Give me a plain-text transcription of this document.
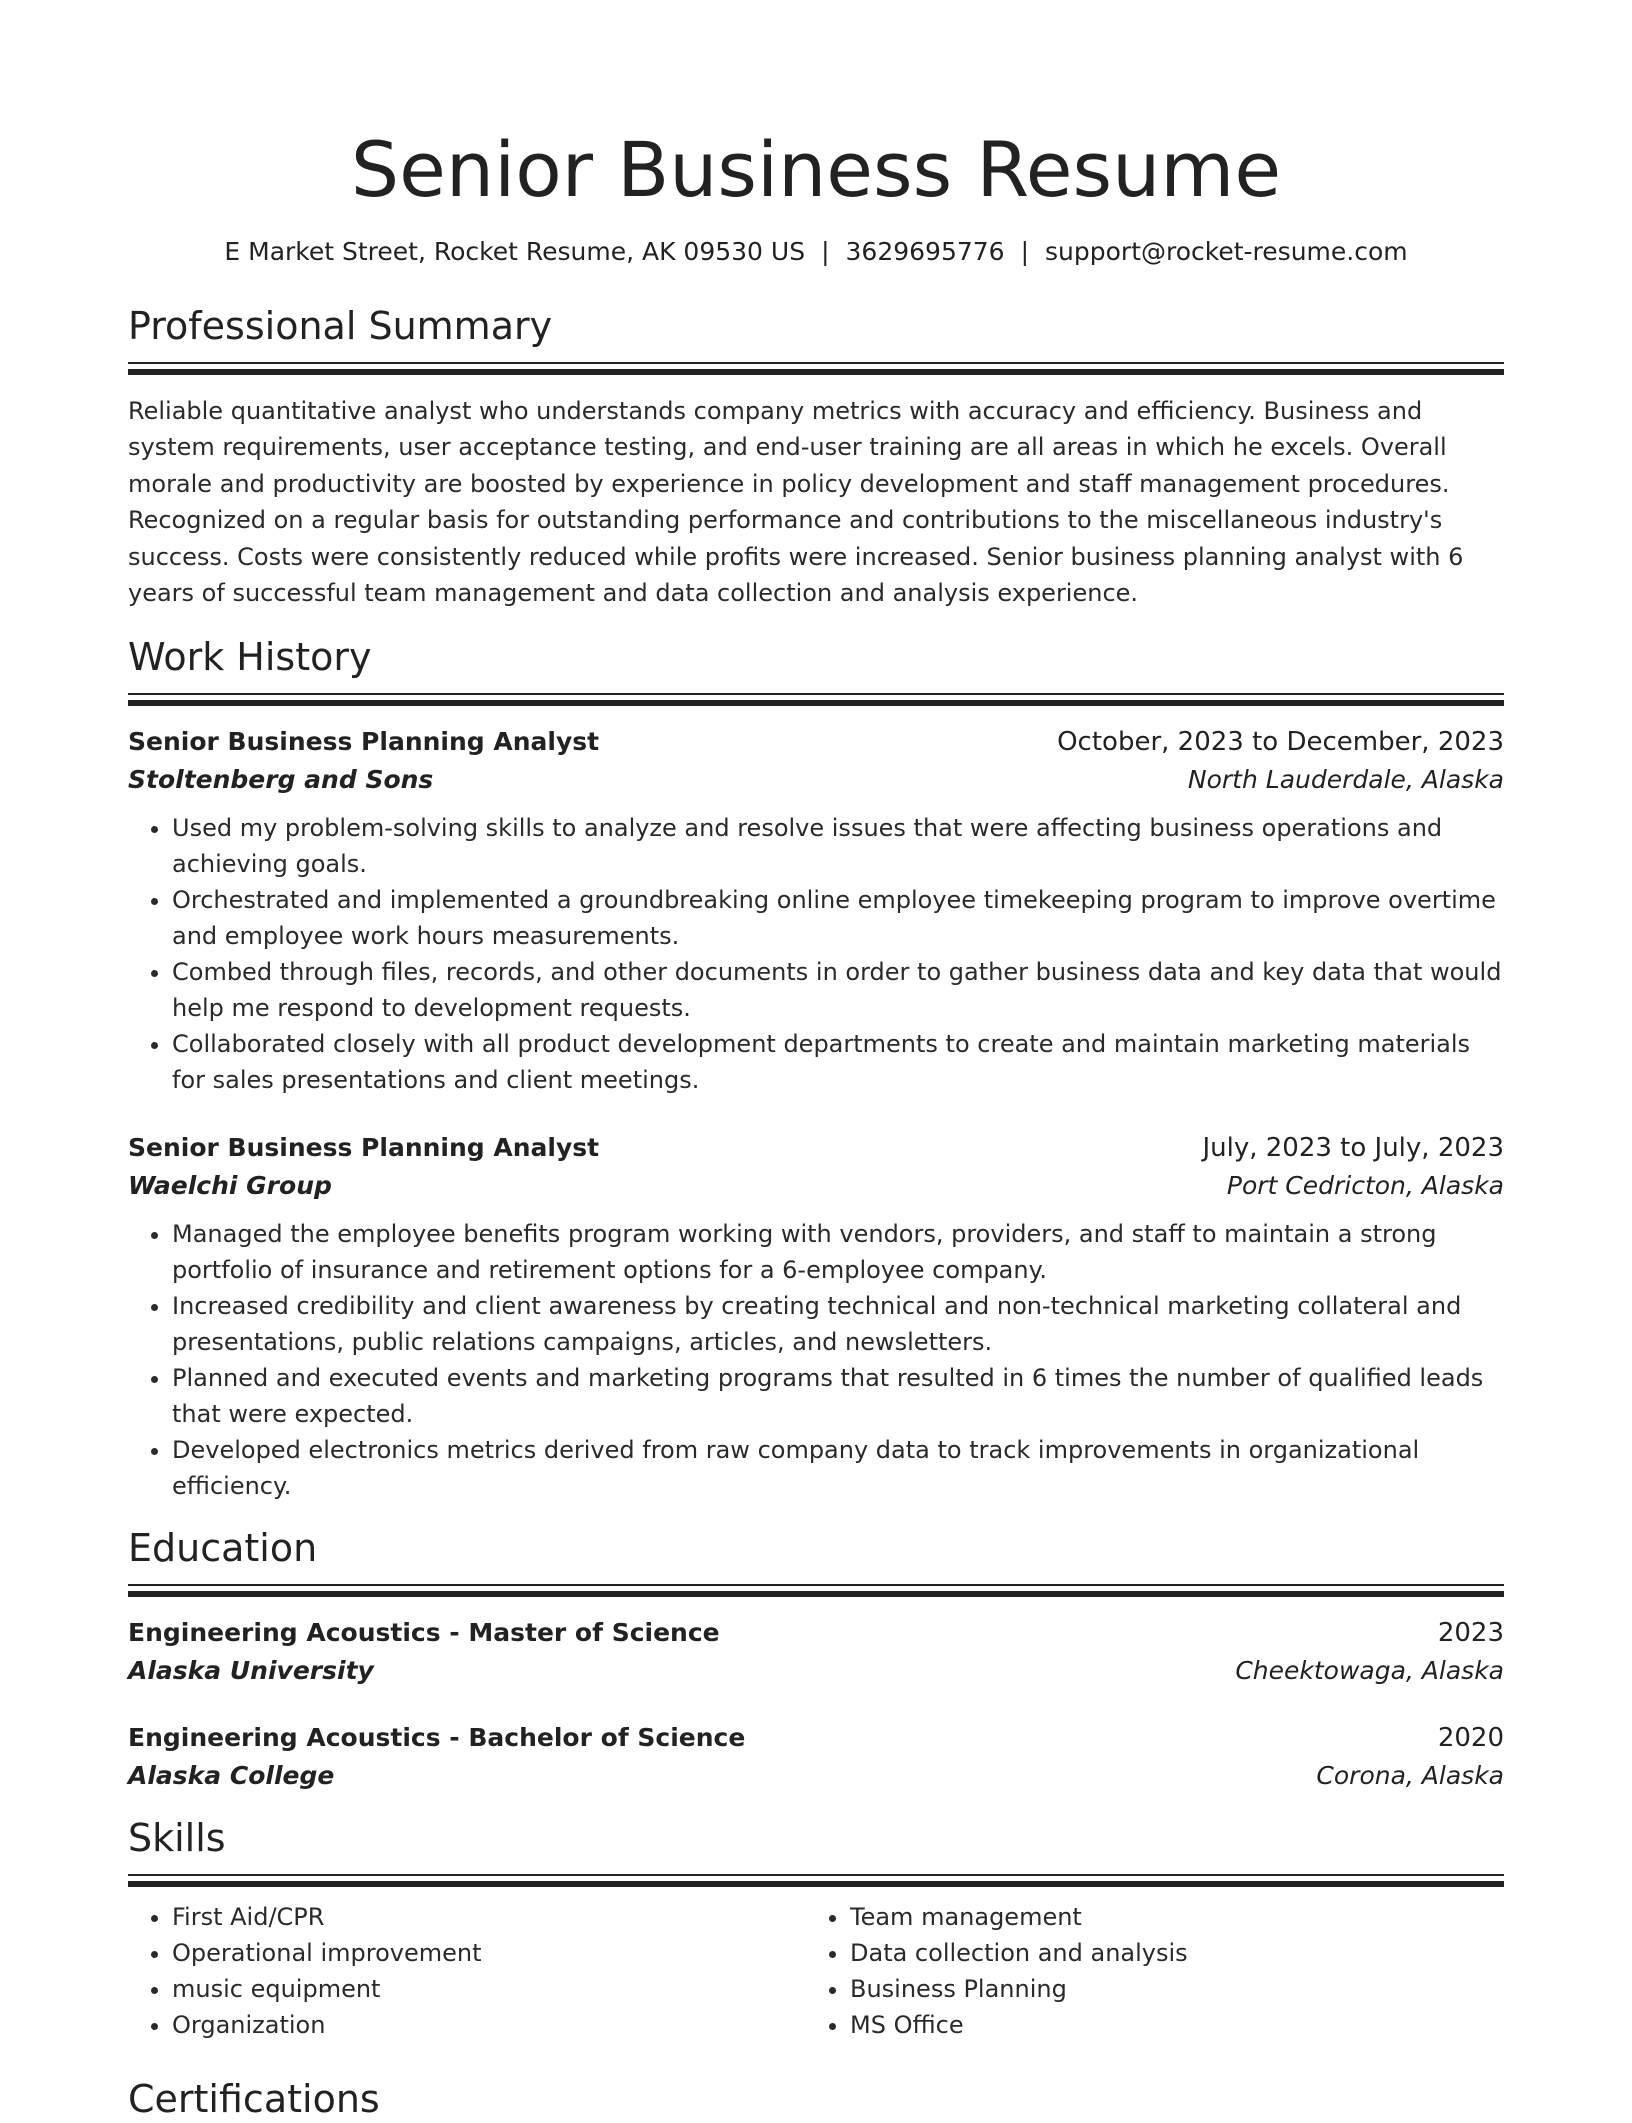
Senior Business Resume
E Market Street, Rocket Resume, AK 09530 US | 3629695776 | support@rocket-resume.com
Professional Summary
Reliable quantitative analyst who understands company metrics with accuracy and efficiency. Business and system requirements, user acceptance testing, and end-user training are all areas in which he excels. Overall morale and productivity are boosted by experience in policy development and staff management procedures. Recognized on a regular basis for outstanding performance and contributions to the miscellaneous industry's success. Costs were consistently reduced while profits were increased. Senior business planning analyst with 6 years of successful team management and data collection and analysis experience.
Work History
Senior Business Planning Analyst	October, 2023 to December, 2023
Stoltenberg and Sons	North Lauderdale, Alaska
• Used my problem-solving skills to analyze and resolve issues that were affecting business operations and achieving goals.
• Orchestrated and implemented a groundbreaking online employee timekeeping program to improve overtime and employee work hours measurements.
• Combed through files, records, and other documents in order to gather business data and key data that would help me respond to development requests.
• Collaborated closely with all product development departments to create and maintain marketing materials for sales presentations and client meetings.
Senior Business Planning Analyst	July, 2023 to July, 2023
Waelchi Group	Port Cedricton, Alaska
• Managed the employee benefits program working with vendors, providers, and staff to maintain a strong portfolio of insurance and retirement options for a 6-employee company.
• Increased credibility and client awareness by creating technical and non-technical marketing collateral and presentations, public relations campaigns, articles, and newsletters.
• Planned and executed events and marketing programs that resulted in 6 times the number of qualified leads that were expected.
• Developed electronics metrics derived from raw company data to track improvements in organizational efficiency.
Education
Engineering Acoustics - Master of Science	2023
Alaska University	Cheektowaga, Alaska
Engineering Acoustics - Bachelor of Science	2020
Alaska College	Corona, Alaska
Skills
• First Aid/CPR
• Operational improvement
• music equipment
• Organization
• Team management
• Data collection and analysis
• Business Planning
• MS Office
Certifications
